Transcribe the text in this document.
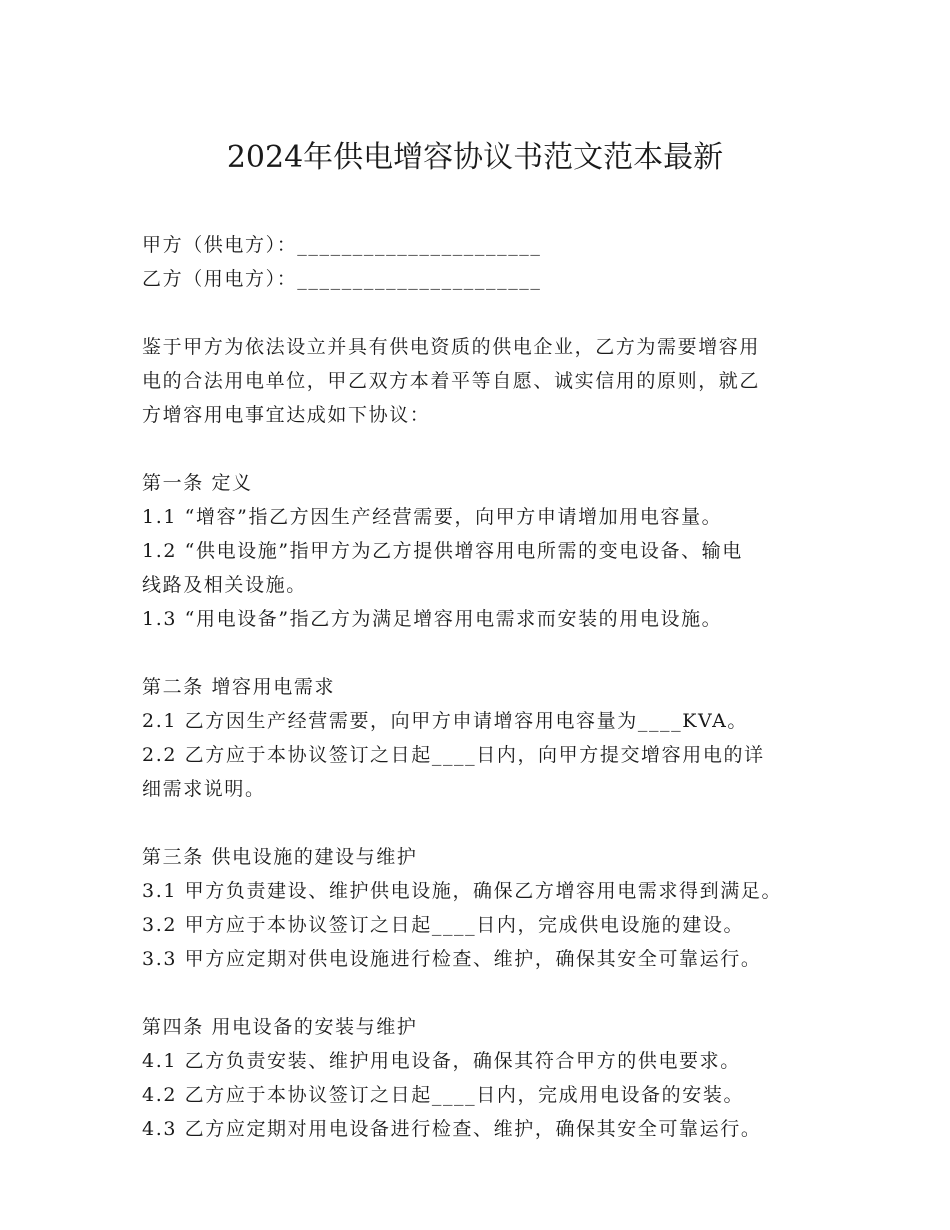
2024年供电增容协议书范文范本最新

甲方（供电方）：______________________

乙方（用电方）：______________________

鉴于甲方为依法设立并具有供电资质的供电企业，乙方为需要增容用

电的合法用电单位，甲乙双方本着平等自愿、诚实信用的原则，就乙

方增容用电事宜达成如下协议：

第一条 定义

1.1 “增容”指乙方因生产经营需要，向甲方申请增加用电容量。

1.2 “供电设施”指甲方为乙方提供增容用电所需的变电设备、输电

线路及相关设施。

1.3 “用电设备”指乙方为满足增容用电需求而安装的用电设施。

第二条 增容用电需求

2.1 乙方因生产经营需要，向甲方申请增容用电容量为____KVA。

2.2 乙方应于本协议签订之日起____日内，向甲方提交增容用电的详

细需求说明。

第三条 供电设施的建设与维护

3.1 甲方负责建设、维护供电设施，确保乙方增容用电需求得到满足。

3.2 甲方应于本协议签订之日起____日内，完成供电设施的建设。

3.3 甲方应定期对供电设施进行检查、维护，确保其安全可靠运行。

第四条 用电设备的安装与维护

4.1 乙方负责安装、维护用电设备，确保其符合甲方的供电要求。

4.2 乙方应于本协议签订之日起____日内，完成用电设备的安装。

4.3 乙方应定期对用电设备进行检查、维护，确保其安全可靠运行。
